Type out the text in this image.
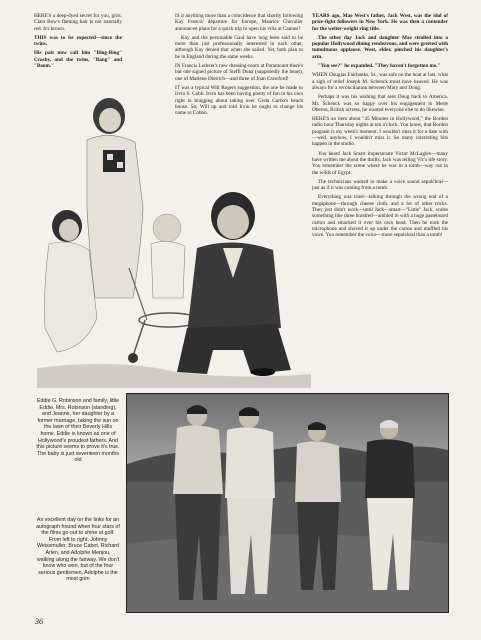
HERE'S a deep-dyed secret for you, girls. Clara Bow's flaming hair is not naturally red. It's brown.

THIS was to be expected—since the twins.

His pals now call him "Bing-Bing" Crosby, and the twins, "Bang" and "Boom."

IS it anything more than a coincidence that shortly following Kay Francis' departure for Europe, Maurice Chevalier announced plans for a quick trip to open his villa at Cannes?

Kay and the personable Gaul have long been said to be more than just professionally interested in each other, although Kay denied that when she sailed. Yet, both plan to be in England during the same weeks.

IN Francis Lederer's new dressing-room at Paramount there's but one signed picture of Steffi Duna (supposedly the heart), one of Marlene Dietrich—and three of Joan Crawford!

IT was a typical Will Rogers suggestion, the one he made to Irvin S. Cobb. Irvin has been having plenty of fun in his own right in bragging about taking over Greta Garbo's beach house. So, Will up and told Irvin he ought to change his name to Cobbo.

YEARS ago, Mae West's father, Jack West, was the idol of prize-fight followers in New York. He was then a contender for the welter-weight ring title.

The other day Jack and daughter Mae strolled into a popular Hollywood dining rendezvous, and were greeted with tumultuous applause. West, elder, pinched his daughter's arm.

"You see?" he expanded. "They haven't forgotten me."

WHEN Douglas Fairbanks, Sr., was safe on the boat at last, what a sigh of relief Joseph M. Schenck must have heaved. He was always for a reconciliation between Mary and Doug.

Perhaps it was his wishing that sent Doug back to America. Mr. Schenck was so happy over his engagement to Merle Oberon, British actress, he wanted everyone else to do likewise.

HERE'S an item about "45 Minutes in Hollywood," the Borden radio hour Thursday nights at ten o'clock. You know, that Borden program is my week's moment. I wouldn't miss it for a date with—well, anyhow, I wouldn't miss it. So many interesting bits happen in the studio.

You heard Jack Smart impersonate Victor McLaglen—many have written me about the thrills. Jack was telling Vic's life story. You remember the scene where he was in a tomb—way out in the wilds of Egypt.

The technicians wanted to make a voice sound sepulchral—just as if it was coming from a tomb.

Everything was tried—talking through the wrong end of a megaphone—through cheese cloth, and a lot of other tricks. They just didn't work—until Jack—smart—"Little" Jack, scales something like three hundred—ambled in with a huge pasteboard carton and smacked it over his own head. Then he took the microphone and shoved it up under the carton and muffled his voice. You remember the voice—more sepulchral than a tomb!

Eddie G. Robinson and family, little Eddie, Mrs. Robinson (standing), and Jeanne, her daughter by a former marriage, taking the sun on the lawn of their Beverly Hills home. Eddie is known as one of Hollywood's proudest fathers. And this picture seems to prove it's true. The baby is just seventeen months old
An excellent day on the links for an autograph hound when four stars of the films go out to shine at golf. From left to right, Johnny Weissmuller, Bruce Cabot, Richard Arlen, and Adolphe Menjou, walking along the fairway. We don't know who won, but of the four serious gentlemen, Adolphe is the most grim
36
